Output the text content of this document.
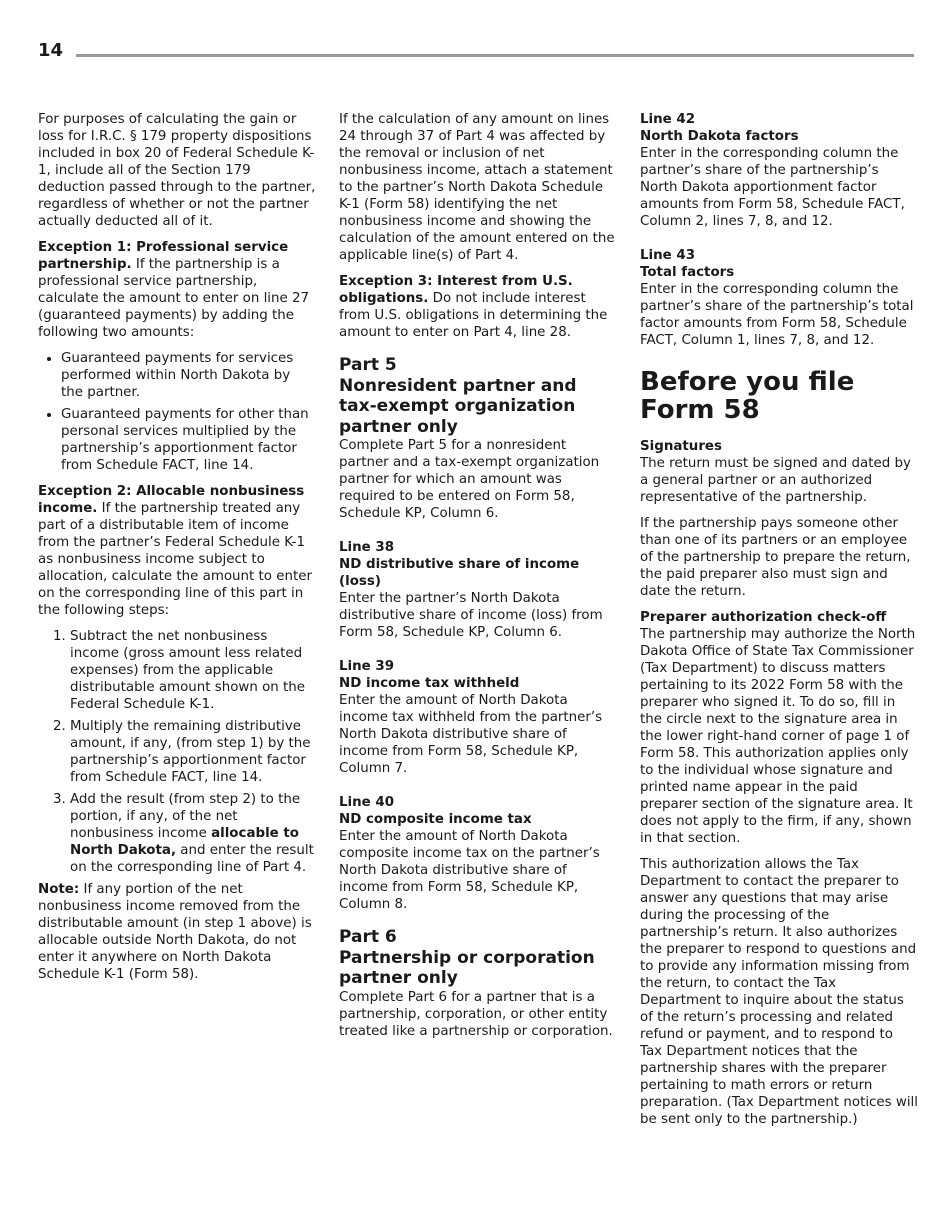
14

For purposes of calculating the gain or loss for I.R.C. § 179 property dispositions included in box 20 of Federal Schedule K-1, include all of the Section 179 deduction passed through to the partner, regardless of whether or not the partner actually deducted all of it.

Exception 1: Professional service partnership. If the partnership is a professional service partnership, calculate the amount to enter on line 27 (guaranteed payments) by adding the following two amounts:

• Guaranteed payments for services performed within North Dakota by the partner.
• Guaranteed payments for other than personal services multiplied by the partnership’s apportionment factor from Schedule FACT, line 14.

Exception 2: Allocable nonbusiness income. If the partnership treated any part of a distributable item of income from the partner’s Federal Schedule K-1 as nonbusiness income subject to allocation, calculate the amount to enter on the corresponding line of this part in the following steps:

1. Subtract the net nonbusiness income (gross amount less related expenses) from the applicable distributable amount shown on the Federal Schedule K-1.
2. Multiply the remaining distributive amount, if any, (from step 1) by the partnership’s apportionment factor from Schedule FACT, line 14.
3. Add the result (from step 2) to the portion, if any, of the net nonbusiness income allocable to North Dakota, and enter the result on the corresponding line of Part 4.

Note: If any portion of the net nonbusiness income removed from the distributable amount (in step 1 above) is allocable outside North Dakota, do not enter it anywhere on North Dakota Schedule K-1 (Form 58).

If the calculation of any amount on lines 24 through 37 of Part 4 was affected by the removal or inclusion of net nonbusiness income, attach a statement to the partner’s North Dakota Schedule K-1 (Form 58) identifying the net nonbusiness income and showing the calculation of the amount entered on the applicable line(s) of Part 4.

Exception 3: Interest from U.S. obligations. Do not include interest from U.S. obligations in determining the amount to enter on Part 4, line 28.

Part 5
Nonresident partner and tax-exempt organization partner only

Complete Part 5 for a nonresident partner and a tax-exempt organization partner for which an amount was required to be entered on Form 58, Schedule KP, Column 6.

Line 38
ND distributive share of income (loss)
Enter the partner’s North Dakota distributive share of income (loss) from Form 58, Schedule KP, Column 6.
Line 39
ND income tax withheld
Enter the amount of North Dakota income tax withheld from the partner’s North Dakota distributive share of income from Form 58, Schedule KP, Column 7.
Line 40
ND composite income tax
Enter the amount of North Dakota composite income tax on the partner’s North Dakota distributive share of income from Form 58, Schedule KP, Column 8.
Part 6
Partnership or corporation partner only

Complete Part 6 for a partner that is a partnership, corporation, or other entity treated like a partnership or corporation.

Line 42
North Dakota factors
Enter in the corresponding column the partner’s share of the partnership’s North Dakota apportionment factor amounts from Form 58, Schedule FACT, Column 2, lines 7, 8, and 12.
Line 43
Total factors
Enter in the corresponding column the partner’s share of the partnership’s total factor amounts from Form 58, Schedule FACT, Column 1, lines 7, 8, and 12.
Before you file Form 58
Signatures

The return must be signed and dated by a general partner or an authorized representative of the partnership.

If the partnership pays someone other than one of its partners or an employee of the partnership to prepare the return, the paid preparer also must sign and date the return.

Preparer authorization check-off

The partnership may authorize the North Dakota Office of State Tax Commissioner (Tax Department) to discuss matters pertaining to its 2022 Form 58 with the preparer who signed it. To do so, fill in the circle next to the signature area in the lower right-hand corner of page 1 of Form 58. This authorization applies only to the individual whose signature and printed name appear in the paid preparer section of the signature area. It does not apply to the firm, if any, shown in that section.

This authorization allows the Tax Department to contact the preparer to answer any questions that may arise during the processing of the partnership’s return. It also authorizes the preparer to respond to questions and to provide any information missing from the return, to contact the Tax Department to inquire about the status of the return’s processing and related refund or payment, and to respond to Tax Department notices that the partnership shares with the preparer pertaining to math errors or return preparation. (Tax Department notices will be sent only to the partnership.)
